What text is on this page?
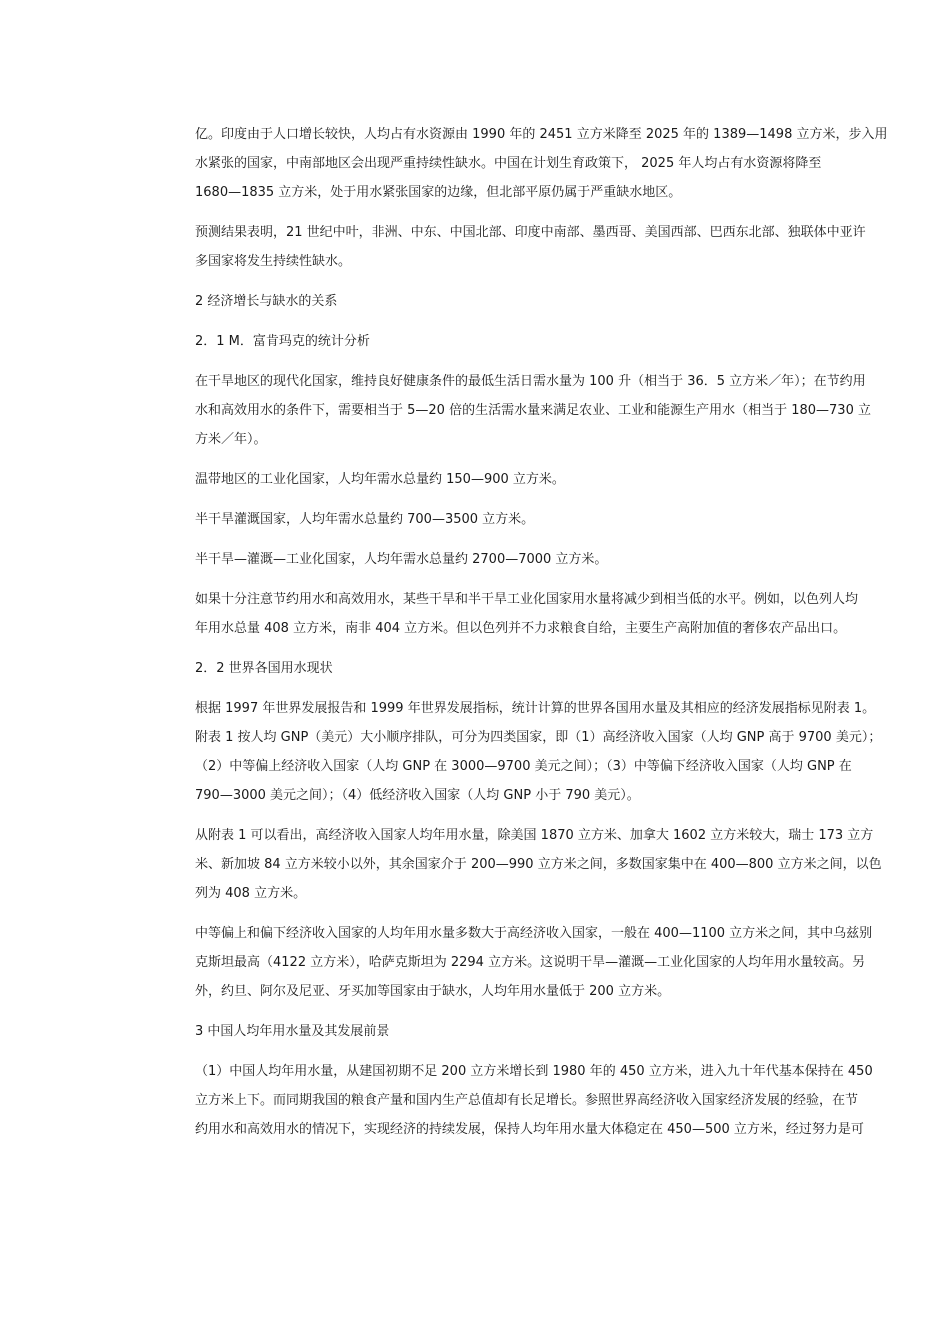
亿。印度由于人口增长较快，人均占有水资源由 1990 年的 2451 立方米降至 2025 年的 1389—1498 立方米，步入用
水紧张的国家，中南部地区会出现严重持续性缺水。中国在计划生育政策下， 2025 年人均占有水资源将降至
1680—1835 立方米，处于用水紧张国家的边缘，但北部平原仍属于严重缺水地区。
预测结果表明，21 世纪中叶，非洲、中东、中国北部、印度中南部、墨西哥、美国西部、巴西东北部、独联体中亚许
多国家将发生持续性缺水。
2 经济增长与缺水的关系
2．1 M．富肯玛克的统计分析
在干旱地区的现代化国家，维持良好健康条件的最低生活日需水量为 100 升（相当于 36．5 立方米／年）；在节约用
水和高效用水的条件下，需要相当于 5—20 倍的生活需水量来满足农业、工业和能源生产用水（相当于 180—730 立
方米／年）。
温带地区的工业化国家，人均年需水总量约 150—900 立方米。
半干旱灌溉国家，人均年需水总量约 700—3500 立方米。
半干旱—灌溉—工业化国家，人均年需水总量约 2700—7000 立方米。
如果十分注意节约用水和高效用水，某些干旱和半干旱工业化国家用水量将减少到相当低的水平。例如，以色列人均
年用水总量 408 立方米，南非 404 立方米。但以色列并不力求粮食自给，主要生产高附加值的奢侈农产品出口。
2．2 世界各国用水现状
根据 1997 年世界发展报告和 1999 年世界发展指标，统计计算的世界各国用水量及其相应的经济发展指标见附表 1。
附表 1 按人均 GNP（美元）大小顺序排队，可分为四类国家，即（1）高经济收入国家（人均 GNP 高于 9700 美元）；
（2）中等偏上经济收入国家（人均 GNP 在 3000—9700 美元之间）；（3）中等偏下经济收入国家（人均 GNP 在
790—3000 美元之间）；（4）低经济收入国家（人均 GNP 小于 790 美元）。
从附表 1 可以看出，高经济收入国家人均年用水量，除美国 1870 立方米、加拿大 1602 立方米较大，瑞士 173 立方
米、新加坡 84 立方米较小以外，其余国家介于 200—990 立方米之间，多数国家集中在 400—800 立方米之间，以色
列为 408 立方米。
中等偏上和偏下经济收入国家的人均年用水量多数大于高经济收入国家，一般在 400—1100 立方米之间，其中乌兹别
克斯坦最高（4122 立方米），哈萨克斯坦为 2294 立方米。这说明干旱—灌溉—工业化国家的人均年用水量较高。另
外，约旦、阿尔及尼亚、牙买加等国家由于缺水，人均年用水量低于 200 立方米。
3 中国人均年用水量及其发展前景
（1）中国人均年用水量，从建国初期不足 200 立方米增长到 1980 年的 450 立方米，进入九十年代基本保持在 450
立方米上下。而同期我国的粮食产量和国内生产总值却有长足增长。参照世界高经济收入国家经济发展的经验，在节
约用水和高效用水的情况下，实现经济的持续发展，保持人均年用水量大体稳定在 450—500 立方米，经过努力是可
